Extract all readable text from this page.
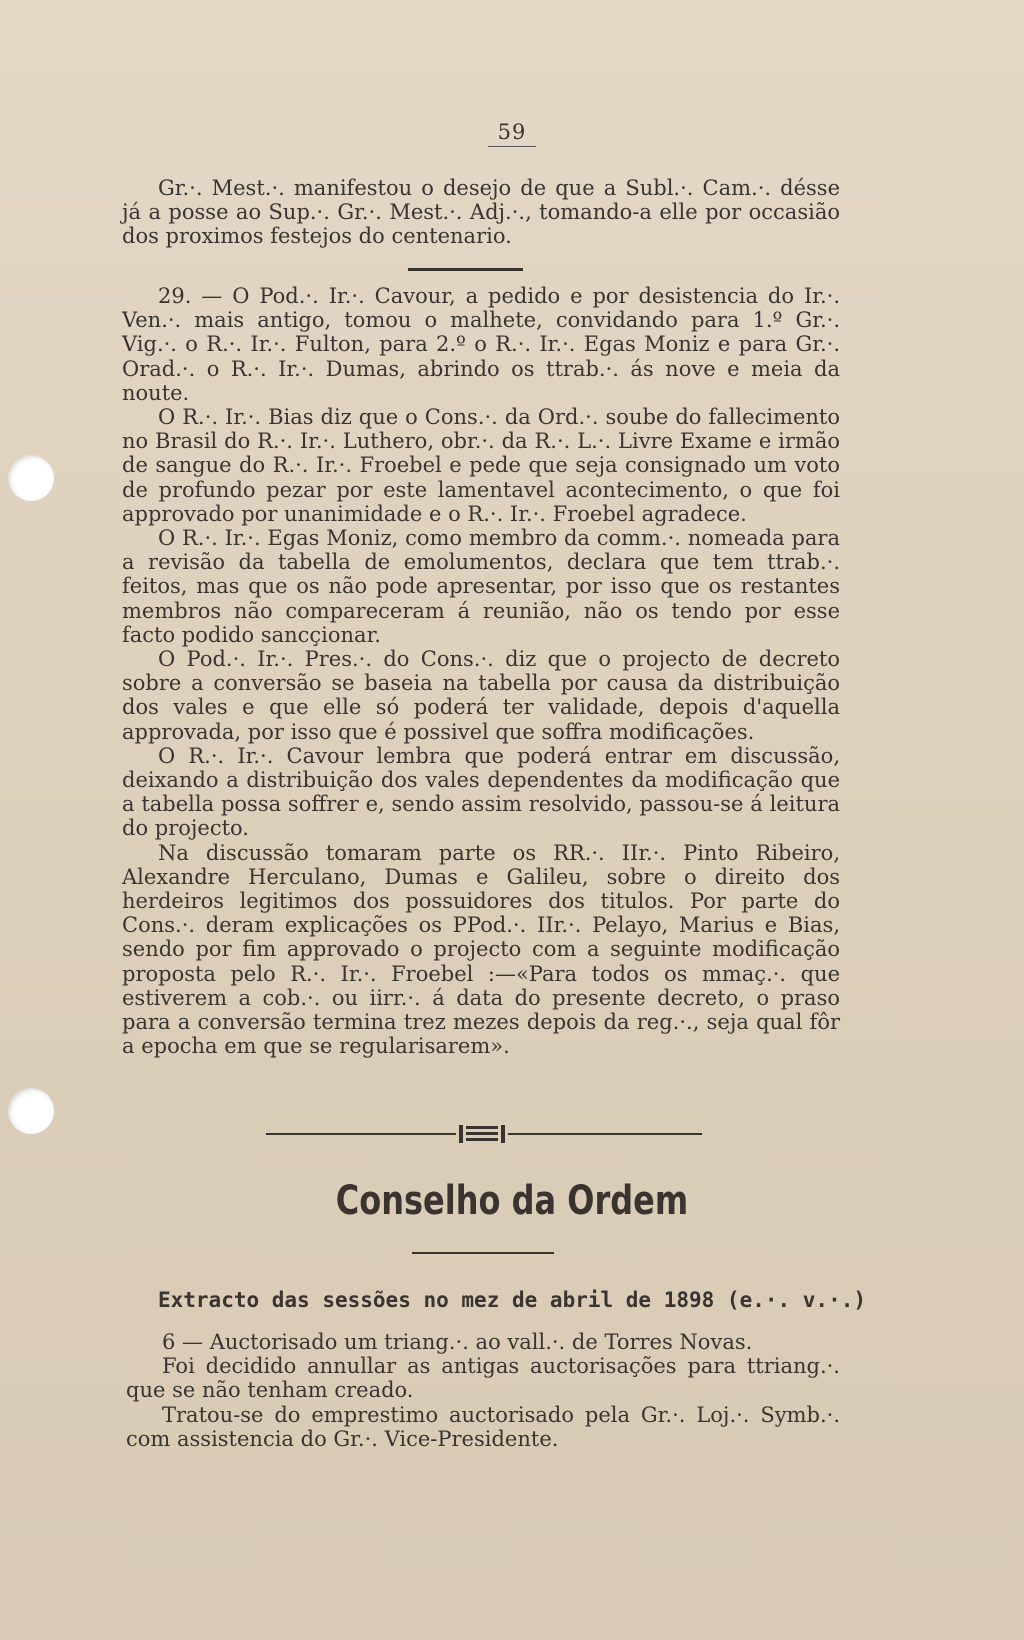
59

Gr.·. Mest.·. manifestou o desejo de que a Subl.·. Cam.·. désse já a posse ao Sup.·. Gr.·. Mest.·. Adj.·., tomando-a elle por occasião dos proximos festejos do centenario.

29. — O Pod.·. Ir.·. Cavour, a pedido e por desistencia do Ir.·. Ven.·. mais antigo, tomou o malhete, convidando para 1.º Gr.·. Vig.·. o R.·. Ir.·. Fulton, para 2.º o R.·. Ir.·. Egas Moniz e para Gr.·. Orad.·. o R.·. Ir.·. Dumas, abrindo os ttrab.·. ás nove e meia da noute.

O R.·. Ir.·. Bias diz que o Cons.·. da Ord.·. soube do fallecimento no Brasil do R.·. Ir.·. Luthero, obr.·. da R.·. L.·. Livre Exame e irmão de sangue do R.·. Ir.·. Froebel e pede que seja consignado um voto de profundo pezar por este lamentavel acontecimento, o que foi approvado por unanimidade e o R.·. Ir.·. Froebel agradece.

O R.·. Ir.·. Egas Moniz, como membro da comm.·. nomeada para a revisão da tabella de emolumentos, declara que tem ttrab.·. feitos, mas que os não pode apresentar, por isso que os restantes membros não compareceram á reunião, não os tendo por esse facto podido sancçionar.

O Pod.·. Ir.·. Pres.·. do Cons.·. diz que o projecto de decreto sobre a conversão se baseia na tabella por causa da distribuição dos vales e que elle só poderá ter validade, depois d'aquella approvada, por isso que é possivel que soffra modificações.

O R.·. Ir.·. Cavour lembra que poderá entrar em discussão, deixando a distribuição dos vales dependentes da modificação que a tabella possa soffrer e, sendo assim resolvido, passou-se á leitura do projecto.

Na discussão tomaram parte os RR.·. IIr.·. Pinto Ribeiro, Alexandre Herculano, Dumas e Galileu, sobre o direito dos herdeiros legitimos dos possuidores dos titulos. Por parte do Cons.·. deram explicações os PPod.·. IIr.·. Pelayo, Marius e Bias, sendo por fim approvado o projecto com a seguinte modificação proposta pelo R.·. Ir.·. Froebel :—«Para todos os mmaç.·. que estiverem a cob.·. ou iirr.·. á data do presente decreto, o praso para a conversão termina trez mezes depois da reg.·., seja qual fôr a epocha em que se regularisarem».

Conselho da Ordem
Extracto das sessões no mez de abril de 1898 (e.·. v.·.)

6 — Auctorisado um triang.·. ao vall.·. de Torres Novas.

Foi decidido annullar as antigas auctorisações para ttriang.·. que se não tenham creado.

Tratou-se do emprestimo auctorisado pela Gr.·. Loj.·. Symb.·. com assistencia do Gr.·. Vice-Presidente.
